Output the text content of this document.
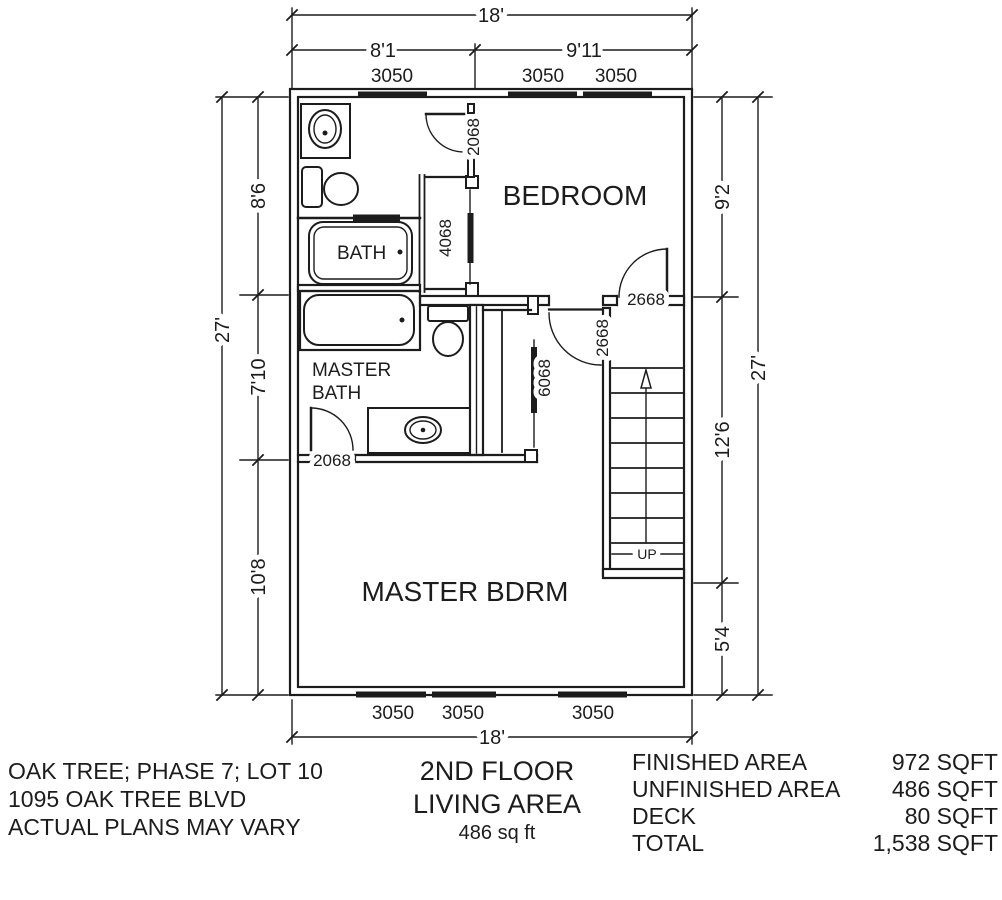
BATH
MASTER
BATH
UP
BEDROOM
MASTER BDRM
2068
4068
2668
2668
6068
2068
3050	3050 3050
3050 3050	3050
18'
8'1	9'11
18'
27'
8'6
7'10
10'8
9'2
12'6
5'4
27'
OAK TREE; PHASE 7; LOT 10
1095 OAK TREE BLVD
ACTUAL PLANS MAY VARY
2ND FLOOR
LIVING AREA
486 sq ft
FINISHED AREA	972 SQFT
UNFINISHED AREA 486 SQFT
DECK	80 SQFT
TOTAL	1,538 SQFT
